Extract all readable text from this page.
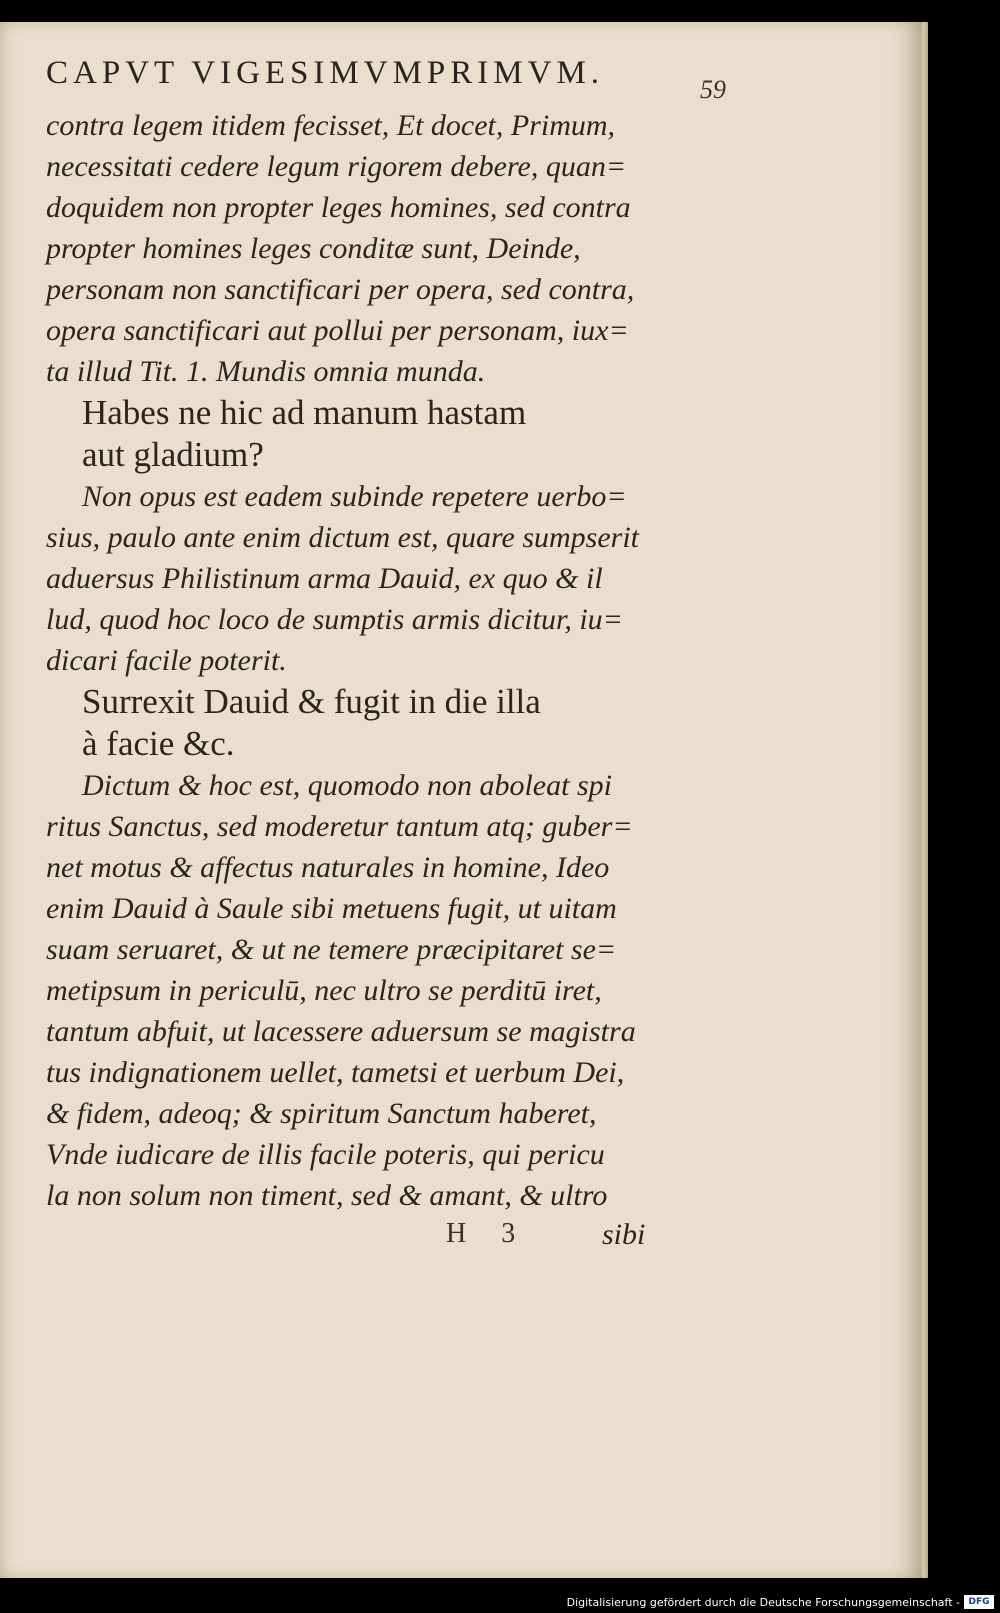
CAPVT VIGESIMVMPRIMVM.	59
contra legem itidem fecisset, Et docet, Primum,
necessitati cedere legum rigorem debere, quan=
doquidem non propter leges homines, sed contra
propter homines leges conditæ sunt, Deinde,
personam non sanctificari per opera, sed contra,
opera sanctificari aut pollui per personam, iux=
ta illud Tit. 1. Mundis omnia munda.
Habes ne hic ad manum hastam
aut gladium?
Non opus est eadem subinde repetere uerbo=
sius, paulo ante enim dictum est, quare sumpserit
aduersus Philistinum arma Dauid, ex quo & il
lud, quod hoc loco de sumptis armis dicitur, iu=
dicari facile poterit.
Surrexit Dauid & fugit in die illa
à facie &c.
Dictum & hoc est, quomodo non aboleat spi
ritus Sanctus, sed moderetur tantum atq; guber=
net motus & affectus naturales in homine, Ideo
enim Dauid à Saule sibi metuens fugit, ut uitam
suam seruaret, & ut ne temere præcipitaret se=
metipsum in periculū, nec ultro se perditū iret,
tantum abfuit, ut lacessere aduersum se magistra
tus indignationem uellet, tametsi et uerbum Dei,
& fidem, adeoq; & spiritum Sanctum haberet,
Vnde iudicare de illis facile poteris, qui pericu
la non solum non timent, sed & amant, & ultro
H 3 sibi
Digitalisierung gefördert durch die Deutsche Forschungsgemeinschaft - DFG
